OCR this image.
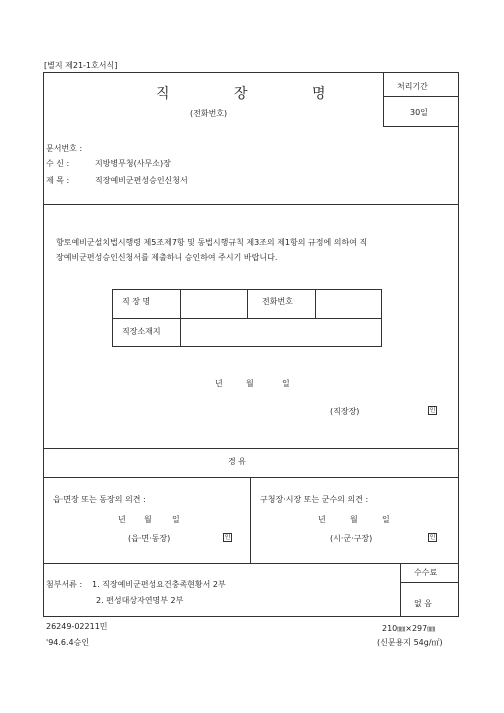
[별지 제21-1호서식]
직 장 명
(전화번호)
처리기간
30일
문서번호 :
수 신 :	지방병무청(사무소)장
제 목 :	직장예비군편성승인신청서
향토예비군설치법시행령 제5조제7항 및 동법시행규칙 제3조의 제1항의 규정에 의하여 직
장예비군편성승인신청서를 제출하니 승인하여 주시기 바랍니다.
직 장 명	전화번호
직장소재지
년	월	일
(직장장)	인
경 유
읍·면장 또는 동장의 의견 :
년 월	일
(읍·면·동장)	인
구청장·시장 또는 군수의 의견 :
년	월	일
(시·군·구장)	인
첨부서류 : 1. 직장예비군편성요건충족현황서 2부
2. 편성대상자연명부 2부
수수료
없 음
26249-02211민
'94.6.4승인
210㎜×297㎜
(신문용지 54g/㎡)
